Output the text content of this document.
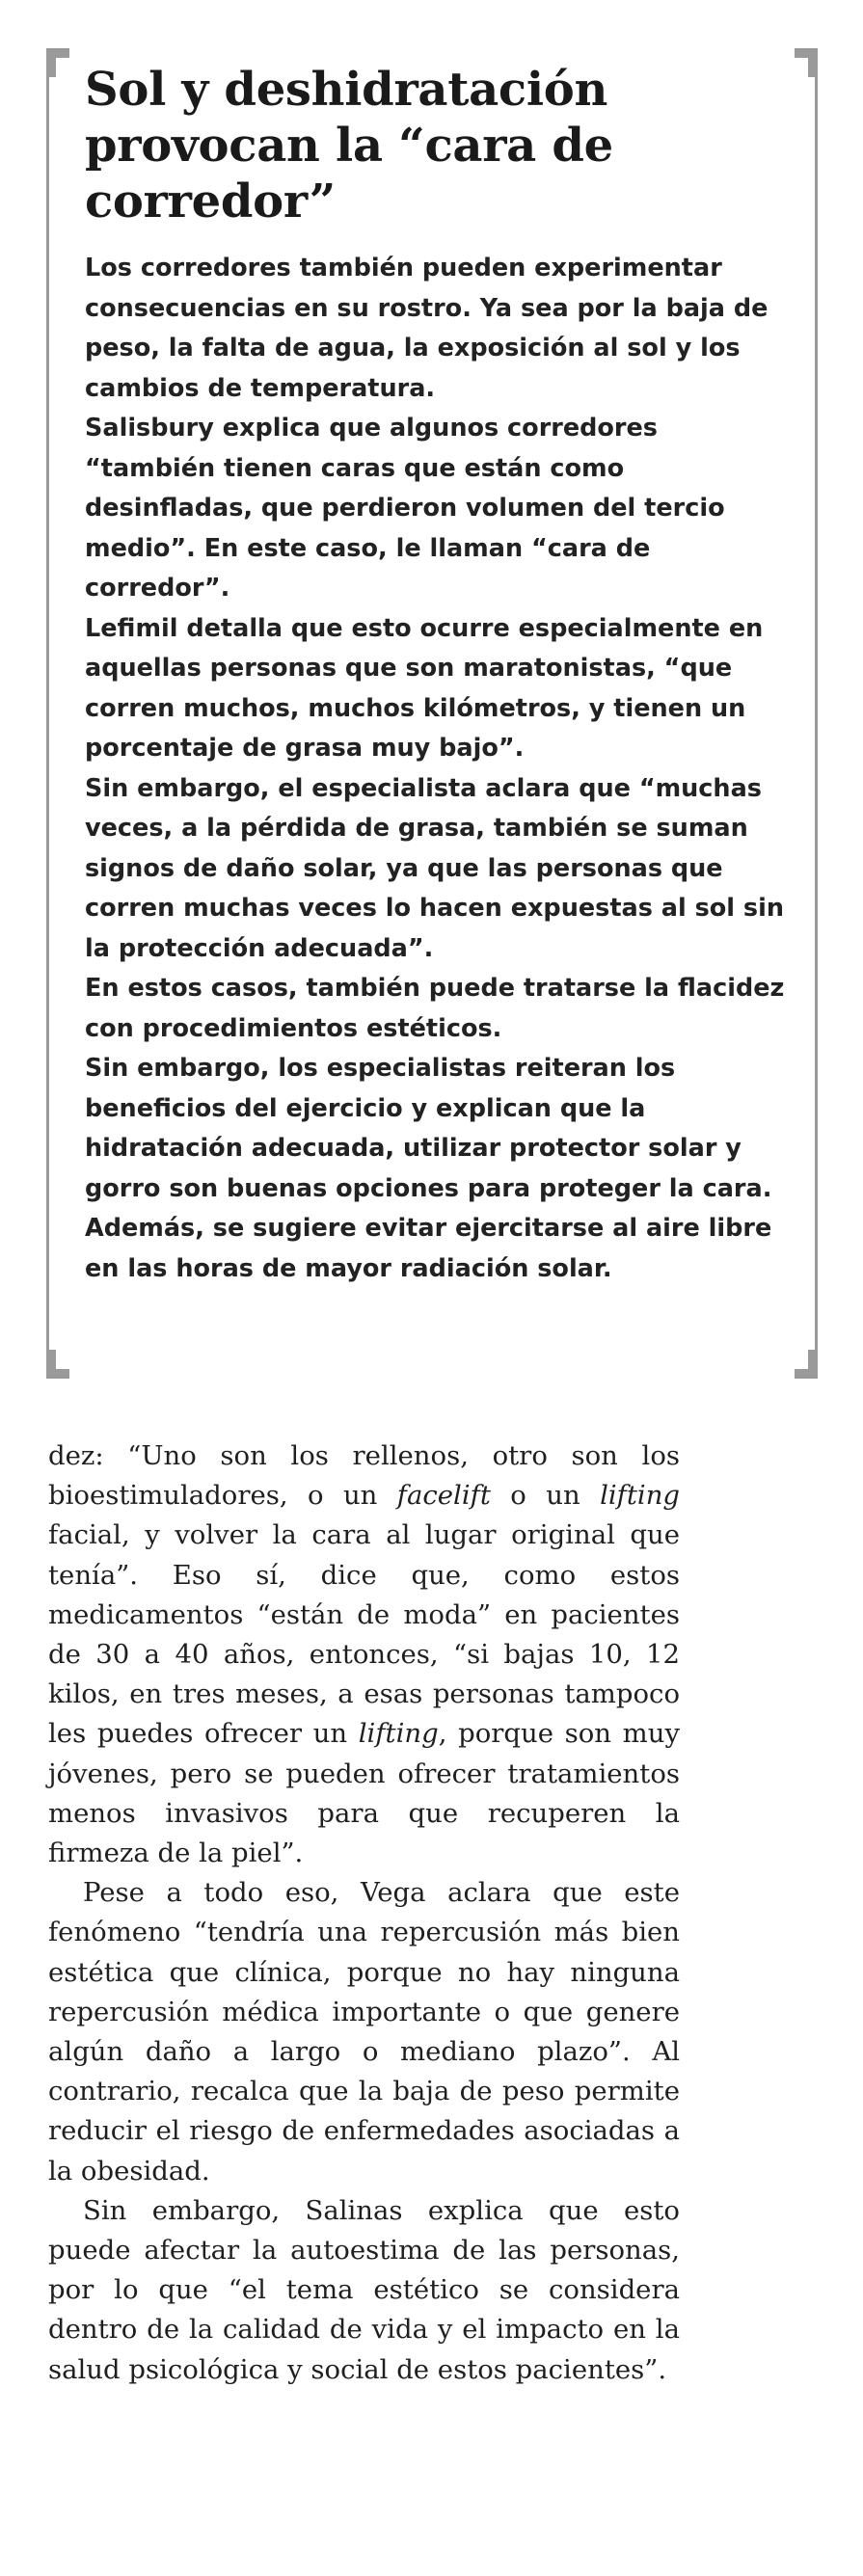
Sol y deshidratación provocan la “cara de corredor”

Los corredores también pueden experimentar consecuencias en su rostro. Ya sea por la baja de peso, la falta de agua, la exposición al sol y los cambios de temperatura.

Salisbury explica que algunos corredores “también tienen caras que están como desinfladas, que perdieron volumen del tercio medio”. En este caso, le llaman “cara de corredor”.

Lefimil detalla que esto ocurre especialmente en aquellas personas que son maratonistas, “que corren muchos, muchos kilómetros, y tienen un porcentaje de grasa muy bajo”.

Sin embargo, el especialista aclara que “muchas veces, a la pérdida de grasa, también se suman signos de daño solar, ya que las personas que corren muchas veces lo hacen expuestas al sol sin la protección adecuada”.

En estos casos, también puede tratarse la flacidez con procedimientos estéticos.

Sin embargo, los especialistas reiteran los beneficios del ejercicio y explican que la hidratación adecuada, utilizar protector solar y gorro son buenas opciones para proteger la cara. Además, se sugiere evitar ejercitarse al aire libre en las horas de mayor radiación solar.

dez: “Uno son los rellenos, otro son los bioestimuladores, o un facelift o un lifting facial, y volver la cara al lugar original que tenía”. Eso sí, dice que, como estos medicamentos “están de moda” en pacientes de 30 a 40 años, entonces, “si bajas 10, 12 kilos, en tres meses, a esas personas tampoco les puedes ofrecer un lifting, porque son muy jóvenes, pero se pueden ofrecer tratamientos menos invasivos para que recuperen la firmeza de la piel”.

Pese a todo eso, Vega aclara que este fenómeno “tendría una repercusión más bien estética que clínica, porque no hay ninguna repercusión médica importante o que genere algún daño a largo o mediano plazo”. Al contrario, recalca que la baja de peso permite reducir el riesgo de enfermedades asociadas a la obesidad.

Sin embargo, Salinas explica que esto puede afectar la autoestima de las personas, por lo que “el tema estético se considera dentro de la calidad de vida y el impacto en la salud psicológica y social de estos pacientes”.
